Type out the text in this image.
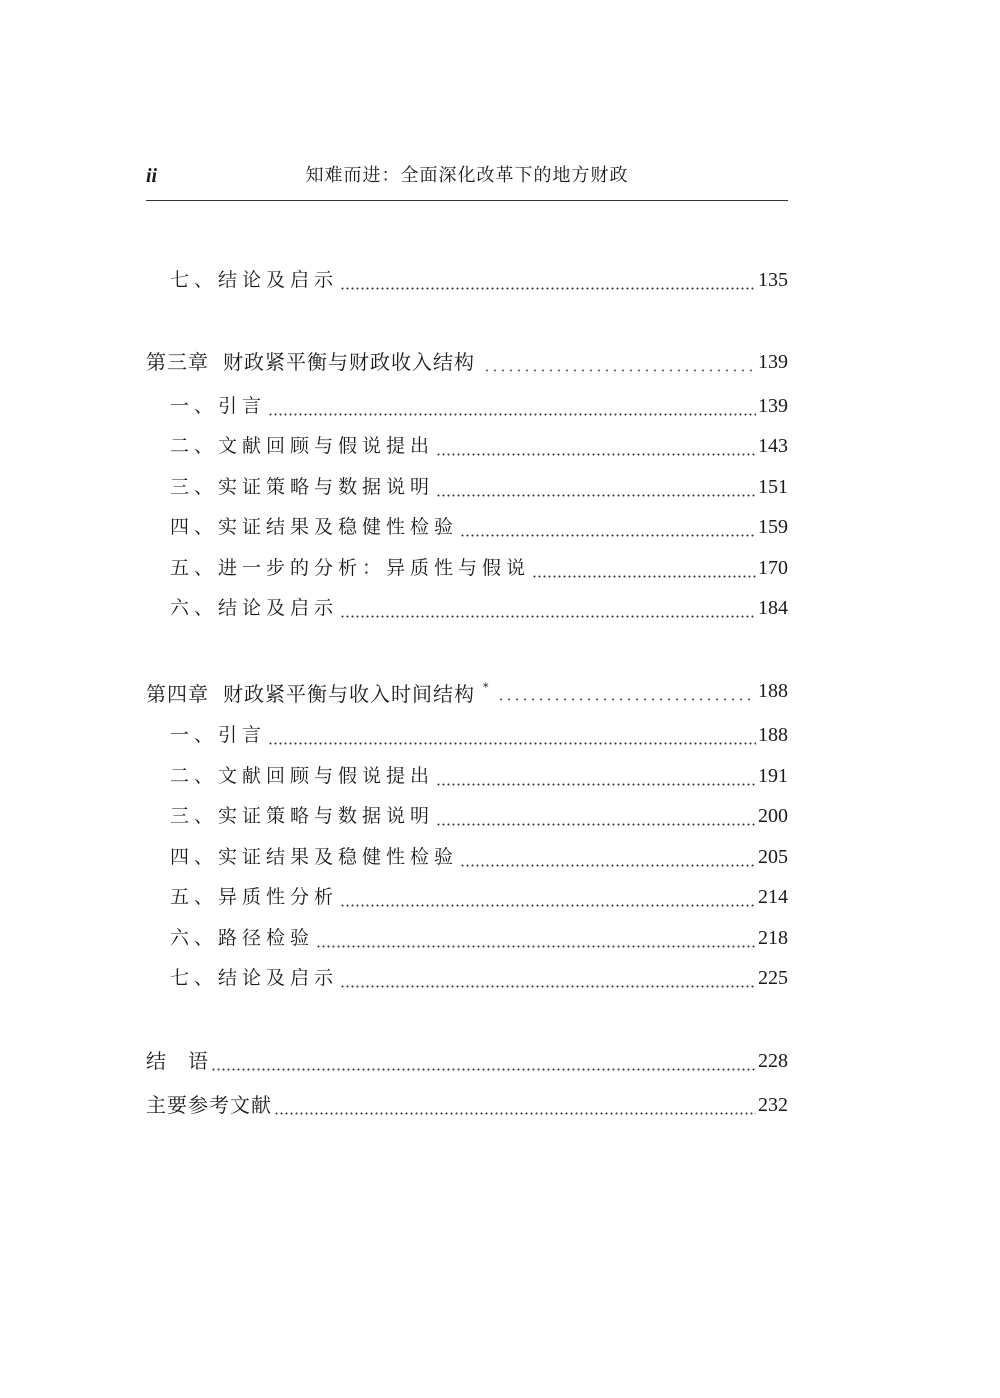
ii	知难而进：全面深化改革下的地方财政
七、结论及启示	135
第三章 财政紧平衡与财政收入结构	139
一、引言	139
二、文献回顾与假说提出	143
三、实证策略与数据说明	151
四、实证结果及稳健性检验	159
五、进一步的分析：异质性与假说	170
六、结论及启示	184
第四章 财政紧平衡与收入时间结构 *	188
一、引言	188
二、文献回顾与假说提出	191
三、实证策略与数据说明	200
四、实证结果及稳健性检验	205
五、异质性分析	214
六、路径检验	218
七、结论及启示	225
结　语	228
主要参考文献	232
